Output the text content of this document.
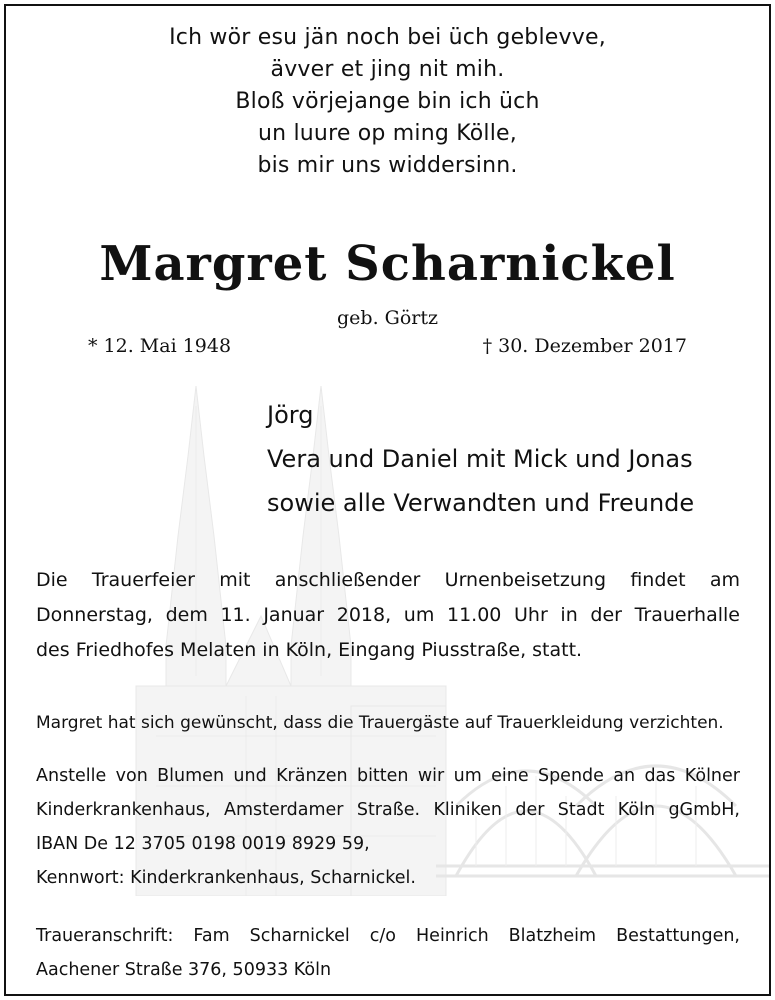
Ich wör esu jän noch bei üch geblevve,
ävver et jing nit mih.
Bloß vörjejange bin ich üch
un luure op ming Kölle,
bis mir uns widdersinn.
Margret Scharnickel
geb. Görtz
* 12. Mai 1948	† 30. Dezember 2017
Jörg
Vera und Daniel mit Mick und Jonas
sowie alle Verwandten und Freunde
Die Trauerfeier mit anschließender Urnenbeisetzung findet am
Donnerstag, dem 11. Januar 2018, um 11.00 Uhr in der Trauerhalle
des Friedhofes Melaten in Köln, Eingang Piusstraße, statt.
Margret hat sich gewünscht, dass die Trauergäste auf Trauerkleidung verzichten.
Anstelle von Blumen und Kränzen bitten wir um eine Spende an das Kölner
Kinderkrankenhaus, Amsterdamer Straße. Kliniken der Stadt Köln gGmbH,
IBAN De 12 3705 0198 0019 8929 59,
Kennwort: Kinderkrankenhaus, Scharnickel.
Traueranschrift: Fam Scharnickel c/o Heinrich Blatzheim Bestattungen,
Aachener Straße 376, 50933 Köln
